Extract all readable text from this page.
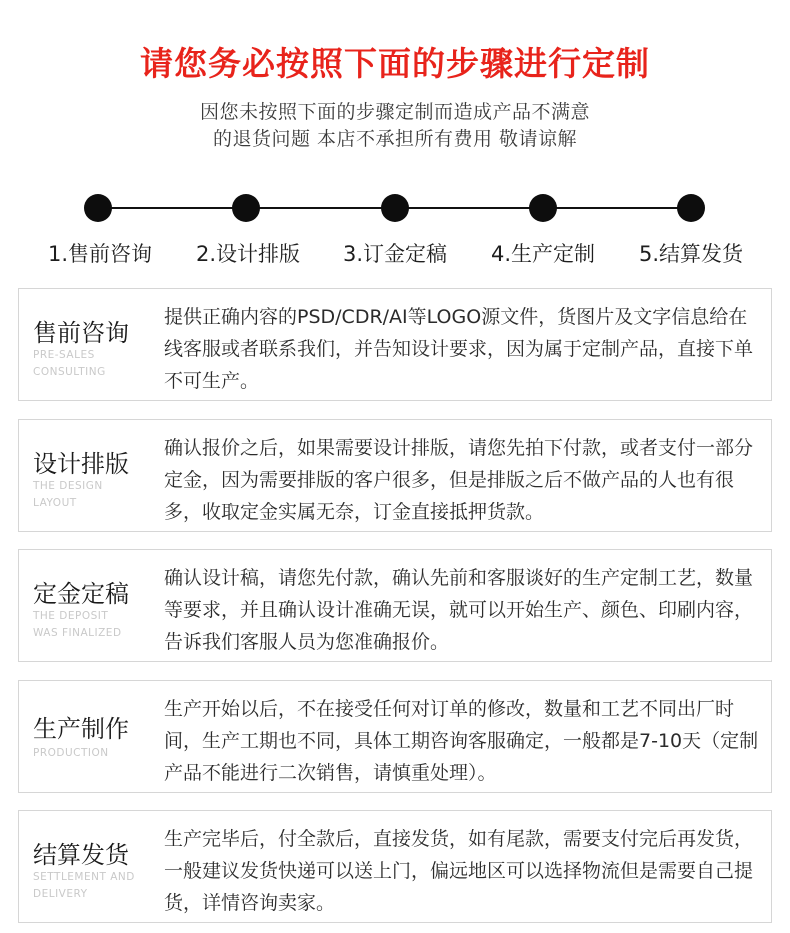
请您务必按照下面的步骤进行定制
因您未按照下面的步骤定制而造成产品不满意
的退货问题 本店不承担所有费用 敬请谅解
1.售前咨询	2.设计排版	3.订金定稿	4.生产定制	5.结算发货
售前咨询
PRE-SALES
CONSULTING
提供正确内容的PSD/CDR/AI等LOGO源文件，货图片及文字信息给在线客服或者联系我们，并告知设计要求，因为属于定制产品，直接下单不可生产。
设计排版
THE DESIGN
LAYOUT
确认报价之后，如果需要设计排版，请您先拍下付款，或者支付一部分定金，因为需要排版的客户很多，但是排版之后不做产品的人也有很多，收取定金实属无奈，订金直接抵押货款。
定金定稿
THE DEPOSIT
WAS FINALIZED
确认设计稿，请您先付款，确认先前和客服谈好的生产定制工艺，数量等要求，并且确认设计准确无误，就可以开始生产、颜色、印刷内容，告诉我们客服人员为您准确报价。
生产制作
PRODUCTION
生产开始以后，不在接受任何对订单的修改，数量和工艺不同出厂时间，生产工期也不同，具体工期咨询客服确定，一般都是7-10天（定制产品不能进行二次销售，请慎重处理）。
结算发货
SETTLEMENT AND
DELIVERY
生产完毕后，付全款后，直接发货，如有尾款，需要支付完后再发货，一般建议发货快递可以送上门，偏远地区可以选择物流但是需要自己提货，详情咨询卖家。
